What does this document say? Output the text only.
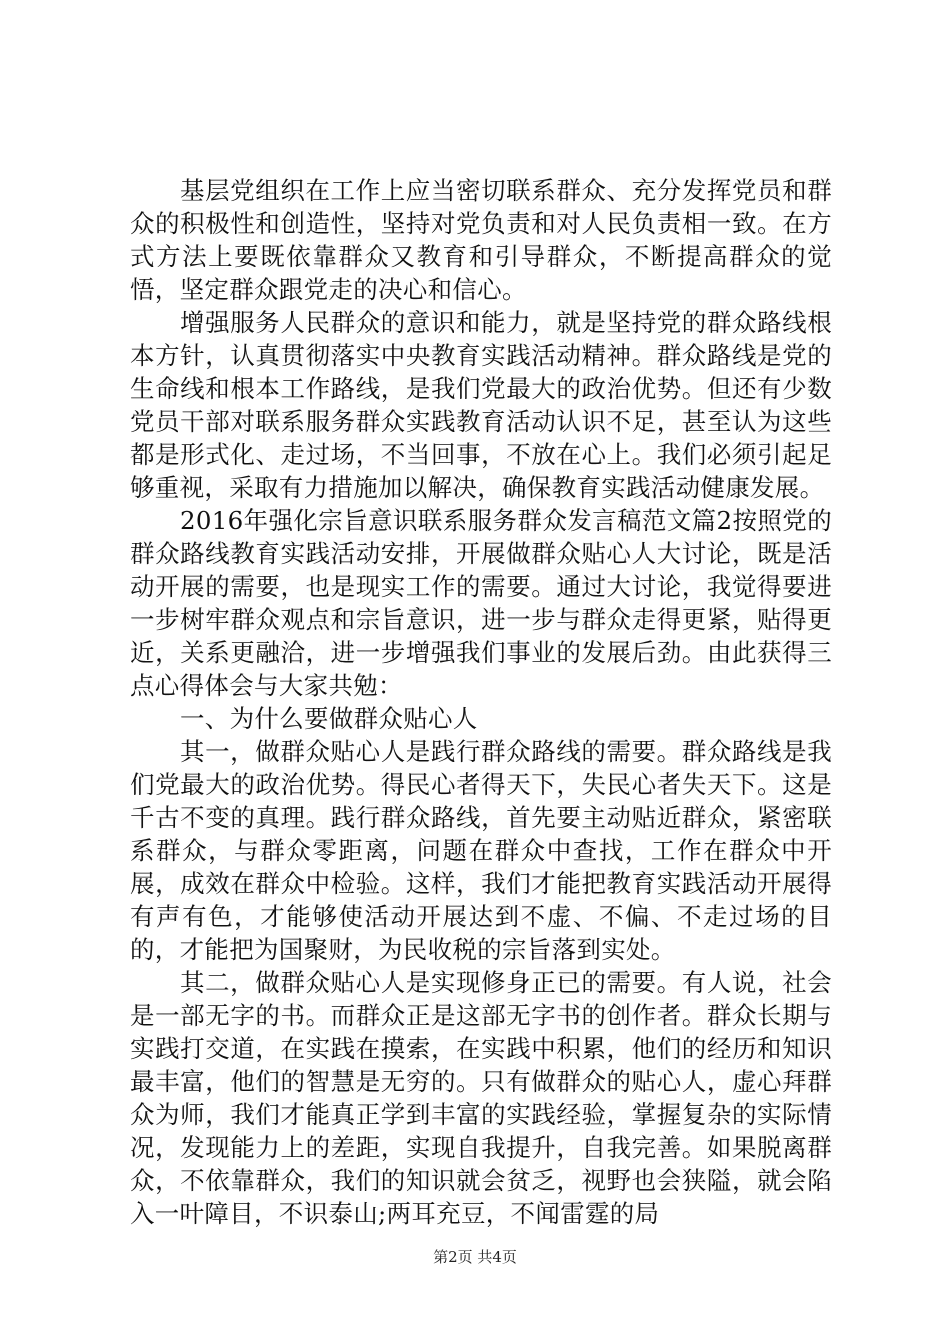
基层党组织在工作上应当密切联系群众、充分发挥党员和群众的积极性和创造性，坚持对党负责和对人民负责相一致。在方式方法上要既依靠群众又教育和引导群众，不断提高群众的觉悟，坚定群众跟党走的决心和信心。

增强服务人民群众的意识和能力，就是坚持党的群众路线根本方针，认真贯彻落实中央教育实践活动精神。群众路线是党的生命线和根本工作路线，是我们党最大的政治优势。但还有少数党员干部对联系服务群众实践教育活动认识不足，甚至认为这些都是形式化、走过场，不当回事，不放在心上。我们必须引起足够重视，采取有力措施加以解决，确保教育实践活动健康发展。

2016年强化宗旨意识联系服务群众发言稿范文篇2按照党的群众路线教育实践活动安排，开展做群众贴心人大讨论，既是活动开展的需要，也是现实工作的需要。通过大讨论，我觉得要进一步树牢群众观点和宗旨意识，进一步与群众走得更紧，贴得更近，关系更融洽，进一步增强我们事业的发展后劲。由此获得三点心得体会与大家共勉：

一、为什么要做群众贴心人

其一，做群众贴心人是践行群众路线的需要。群众路线是我们党最大的政治优势。得民心者得天下，失民心者失天下。这是千古不变的真理。践行群众路线，首先要主动贴近群众，紧密联系群众，与群众零距离，问题在群众中查找，工作在群众中开展，成效在群众中检验。这样，我们才能把教育实践活动开展得有声有色，才能够使活动开展达到不虚、不偏、不走过场的目的，才能把为国聚财，为民收税的宗旨落到实处。

其二，做群众贴心人是实现修身正已的需要。有人说，社会是一部无字的书。而群众正是这部无字书的创作者。群众长期与实践打交道，在实践在摸索，在实践中积累，他们的经历和知识最丰富，他们的智慧是无穷的。只有做群众的贴心人，虚心拜群众为师，我们才能真正学到丰富的实践经验，掌握复杂的实际情况，发现能力上的差距，实现自我提升，自我完善。如果脱离群众，不依靠群众，我们的知识就会贫乏，视野也会狭隘，就会陷入一叶障目，不识泰山;两耳充豆，不闻雷霆的局

第2页 共4页
